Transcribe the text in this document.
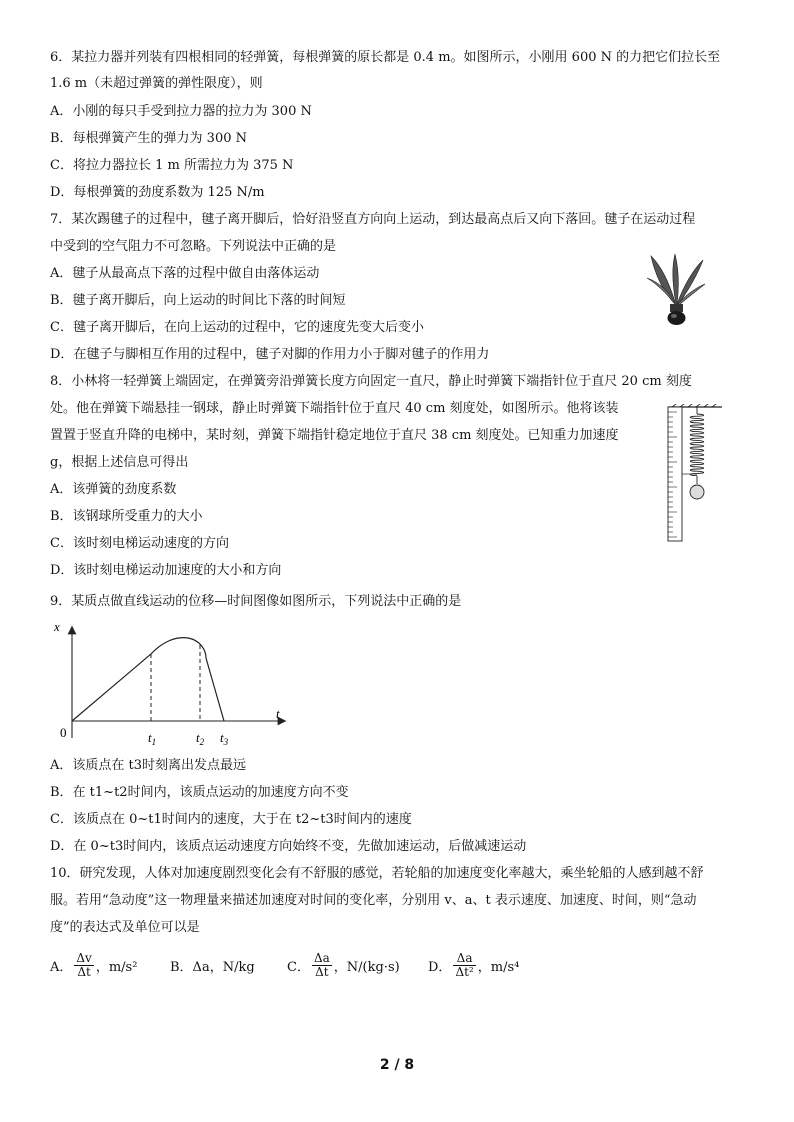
6．某拉力器并列装有四根相同的轻弹簧，每根弹簧的原长都是 0.4 m。如图所示，小刚用 600 N 的力把它们拉长至
1.6 m（未超过弹簧的弹性限度），则
A．小刚的每只手受到拉力器的拉力为 300 N
B．每根弹簧产生的弹力为 300 N
C．将拉力器拉长 1 m 所需拉力为 375 N
D．每根弹簧的劲度系数为 125 N/m
7．某次踢毽子的过程中，毽子离开脚后，恰好沿竖直方向向上运动，到达最高点后又向下落回。毽子在运动过程
中受到的空气阻力不可忽略。下列说法中正确的是
A．毽子从最高点下落的过程中做自由落体运动
B．毽子离开脚后，向上运动的时间比下落的时间短
C．毽子离开脚后，在向上运动的过程中，它的速度先变大后变小
D．在毽子与脚相互作用的过程中，毽子对脚的作用力小于脚对毽子的作用力
8．小林将一轻弹簧上端固定，在弹簧旁沿弹簧长度方向固定一直尺，静止时弹簧下端指针位于直尺 20 cm 刻度
处。他在弹簧下端悬挂一钢球，静止时弹簧下端指针位于直尺 40 cm 刻度处，如图所示。他将该装
置置于竖直升降的电梯中，某时刻，弹簧下端指针稳定地位于直尺 38 cm 刻度处。已知重力加速度
g，根据上述信息可得出
A．该弹簧的劲度系数
B．该钢球所受重力的大小
C．该时刻电梯运动速度的方向
D．该时刻电梯运动加速度的大小和方向
9．某质点做直线运动的位移—时间图像如图所示，下列说法中正确的是
x
t
0	$t_1$	$t_2$ $t_3$
A．该质点在 t3时刻离出发点最远
B．在 t1~t2时间内，该质点运动的加速度方向不变
C．该质点在 0~t1时间内的速度，大于在 t2~t3时间内的速度
D．在 0~t3时间内，该质点运动速度方向始终不变，先做加速运动，后做减速运动
10．研究发现，人体对加速度剧烈变化会有不舒服的感觉，若轮船的加速度变化率越大，乘坐轮船的人感到越不舒
服。若用“急动度”这一物理量来描述加速度对时间的变化率，分别用 v、a、t 表示速度、加速度、时间，则“急动
度”的表达式及单位可以是
A． $\frac{\Delta v}{\Delta t}$ ，m/s²	B．Δa，N/kg C． $\frac{\Delta a}{\Delta t}$ ，N/(kg·s) D． $\frac{\Delta a}{\text{Δt²}}$ ，m/s⁴
2 / 8
